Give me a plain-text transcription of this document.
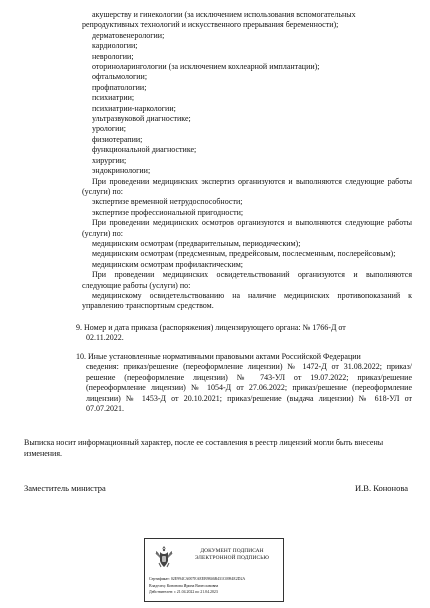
акушерству и гинекологии (за исключением использования вспомогательных

репродуктивных технологий и искусственного прерывания беременности);

дерматовенерологии;

кардиологии;

неврологии;

оториноларингологии (за исключением кохлеарной имплантации);

офтальмологии;

профпатологии;

психиатрии;

психиатрии-наркологии;

ультразвуковой диагностике;

урологии;

физиотерапии;

функциональной диагностике;

хирургии;

эндокринологии;

При проведении медицинских экспертиз организуются и выполняются следующие работы (услуги) по:

экспертизе временной нетрудоспособности;

экспертизе профессиональной пригодности;

При проведении медицинских осмотров организуются и выполняются следующие работы (услуги) по:

медицинским осмотрам (предварительным, периодическим);

медицинским осмотрам (предсменным, предрейсовым, послесменным, послерейсовым);

медицинским осмотрам профилактическим;

При проведении медицинских освидетельствований организуются и выполняются следующие работы (услуги) по:

медицинскому освидетельствованию на наличие медицинских противопоказаний к управлению транспортным средством.

9. Номер и дата приказа (распоряжения) лицензирующего органа: № 1766-Д от
02.11.2022.
10. Иные установленные нормативными правовыми актами Российской Федерации
сведения: приказ/решение (переоформление лицензии) № 1472-Д от 31.08.2022; приказ/решение (переоформление лицензии) № 743-УЛ от 19.07.2022; приказ/решение (переоформление лицензии) № 1054-Д от 27.06.2022; приказ/решение (переоформление лицензии) № 1453-Д от 20.10.2021; приказ/решение (выдача лицензии) № 618-УЛ от 07.07.2021.
Выписка носит информационный характер, после ее составления в реестр лицензий могли быть внесены изменения.
Заместитель министра	И.В. Кононова
ДОКУМЕНТ ПОДПИСАН
ЭЛЕКТРОННОЙ ПОДПИСЬЮ
Сертификат: 02E994CA007EAEEB9846B431C6984E2D2A
Владелец: Кононова Ирина Вячеславовна
Действителен: с 21.04.2022 по 21.04.2023
